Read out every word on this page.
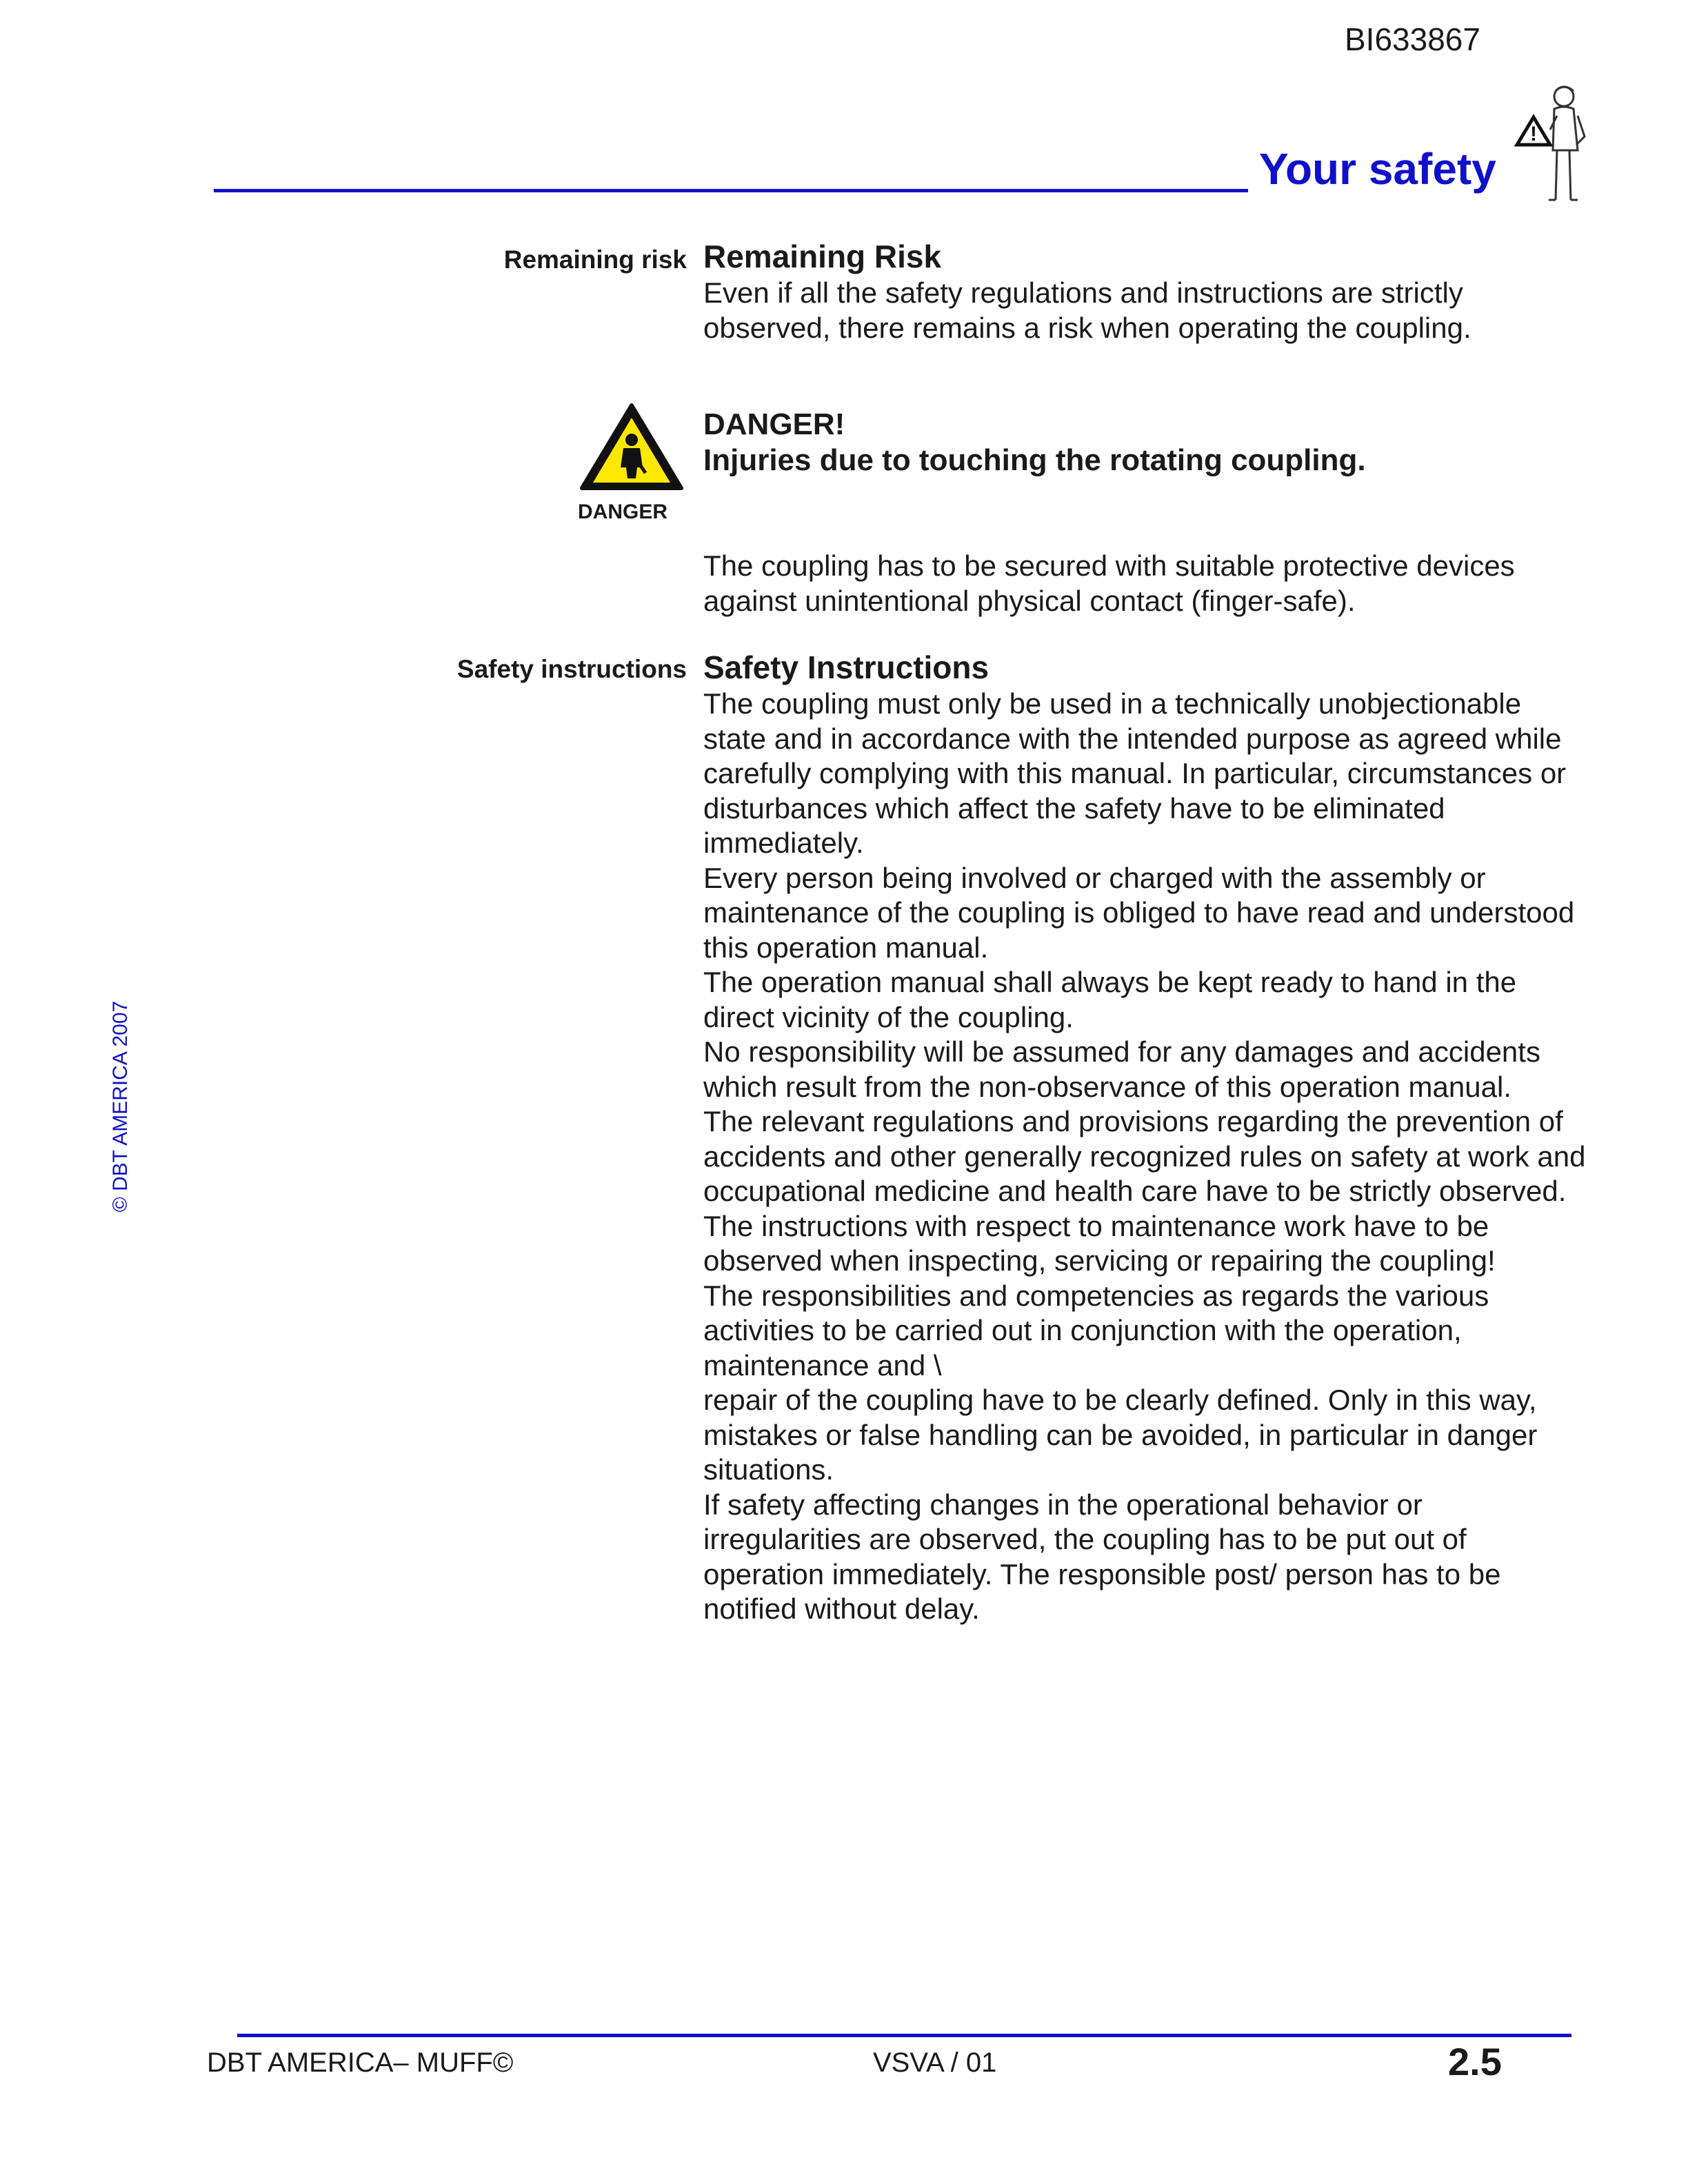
BI633867
Your safety
!
© DBT AMERICA 2007
Remaining risk Remaining Risk

Even if all the safety regulations and instructions are strictly observed, there remains a risk when operating the coupling.

DANGER

DANGER!

Injuries due to touching the rotating coupling.

The coupling has to be secured with suitable protective devices against unintentional physical contact (finger-safe).

Safety instructions Safety Instructions

The coupling must only be used in a technically unobjectionable state and in accordance with the intended purpose as agreed while carefully complying with this manual. In particular, circumstances or disturbances which affect the safety have to be eliminated immediately.

Every person being involved or charged with the assembly or maintenance of the coupling is obliged to have read and understood this operation manual.

The operation manual shall always be kept ready to hand in the direct vicinity of the coupling.

No responsibility will be assumed for any damages and accidents which result from the non-observance of this operation manual.

The relevant regulations and provisions regarding the prevention of accidents and other generally recognized rules on safety at work and occupational medicine and health care have to be strictly observed.

The instructions with respect to maintenance work have to be observed when inspecting, servicing or repairing the coupling!

The responsibilities and competencies as regards the various activities to be carried out in conjunction with the operation, maintenance and \

repair of the coupling have to be clearly defined. Only in this way, mistakes or false handling can be avoided, in particular in danger situations.

If safety affecting changes in the operational behavior or irregularities are observed, the coupling has to be put out of operation immediately. The responsible post/ person has to be notified without delay.

DBT AMERICA– MUFF©	VSVA / 01	2.5
